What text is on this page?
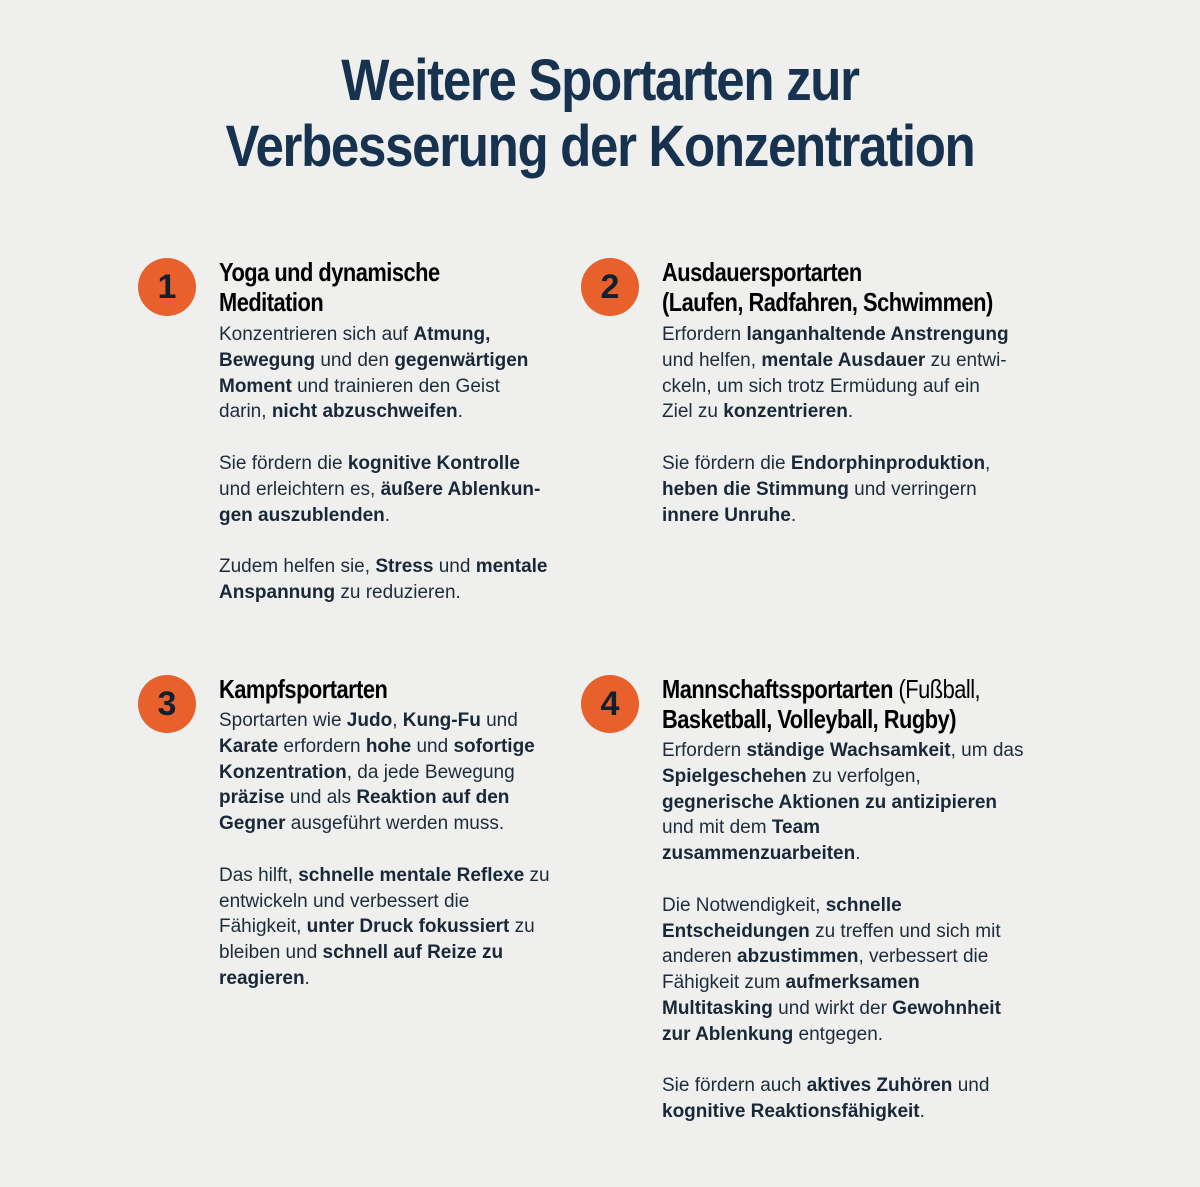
Weitere Sportarten zur
Verbesserung der Konzentration
1	Yoga und dynamische
Meditation

Konzentrieren sich auf Atmung,
Bewegung und den gegenwärtigen
Moment und trainieren den Geist
darin, nicht abzuschweifen.

Sie fördern die kognitive Kontrolle
und erleichtern es, äußere Ablenkun-
gen auszublenden.

Zudem helfen sie, Stress und mentale
Anspannung zu reduzieren.

2	Ausdauersportarten
(Laufen, Radfahren, Schwimmen)

Erfordern langanhaltende Anstrengung
und helfen, mentale Ausdauer zu entwi-
ckeln, um sich trotz Ermüdung auf ein
Ziel zu konzentrieren.

Sie fördern die Endorphinproduktion,
heben die Stimmung und verringern
innere Unruhe.

3	Kampfsportarten

Sportarten wie Judo, Kung-Fu und
Karate erfordern hohe und sofortige
Konzentration, da jede Bewegung
präzise und als Reaktion auf den
Gegner ausgeführt werden muss.

Das hilft, schnelle mentale Reflexe zu
entwickeln und verbessert die
Fähigkeit, unter Druck fokussiert zu
bleiben und schnell auf Reize zu
reagieren.

4	Mannschaftssportarten (Fußball,
Basketball, Volleyball, Rugby)

Erfordern ständige Wachsamkeit, um das
Spielgeschehen zu verfolgen,
gegnerische Aktionen zu antizipieren
und mit dem Team
zusammenzuarbeiten.

Die Notwendigkeit, schnelle
Entscheidungen zu treffen und sich mit
anderen abzustimmen, verbessert die
Fähigkeit zum aufmerksamen
Multitasking und wirkt der Gewohnheit
zur Ablenkung entgegen.

Sie fördern auch aktives Zuhören und
kognitive Reaktionsfähigkeit.
